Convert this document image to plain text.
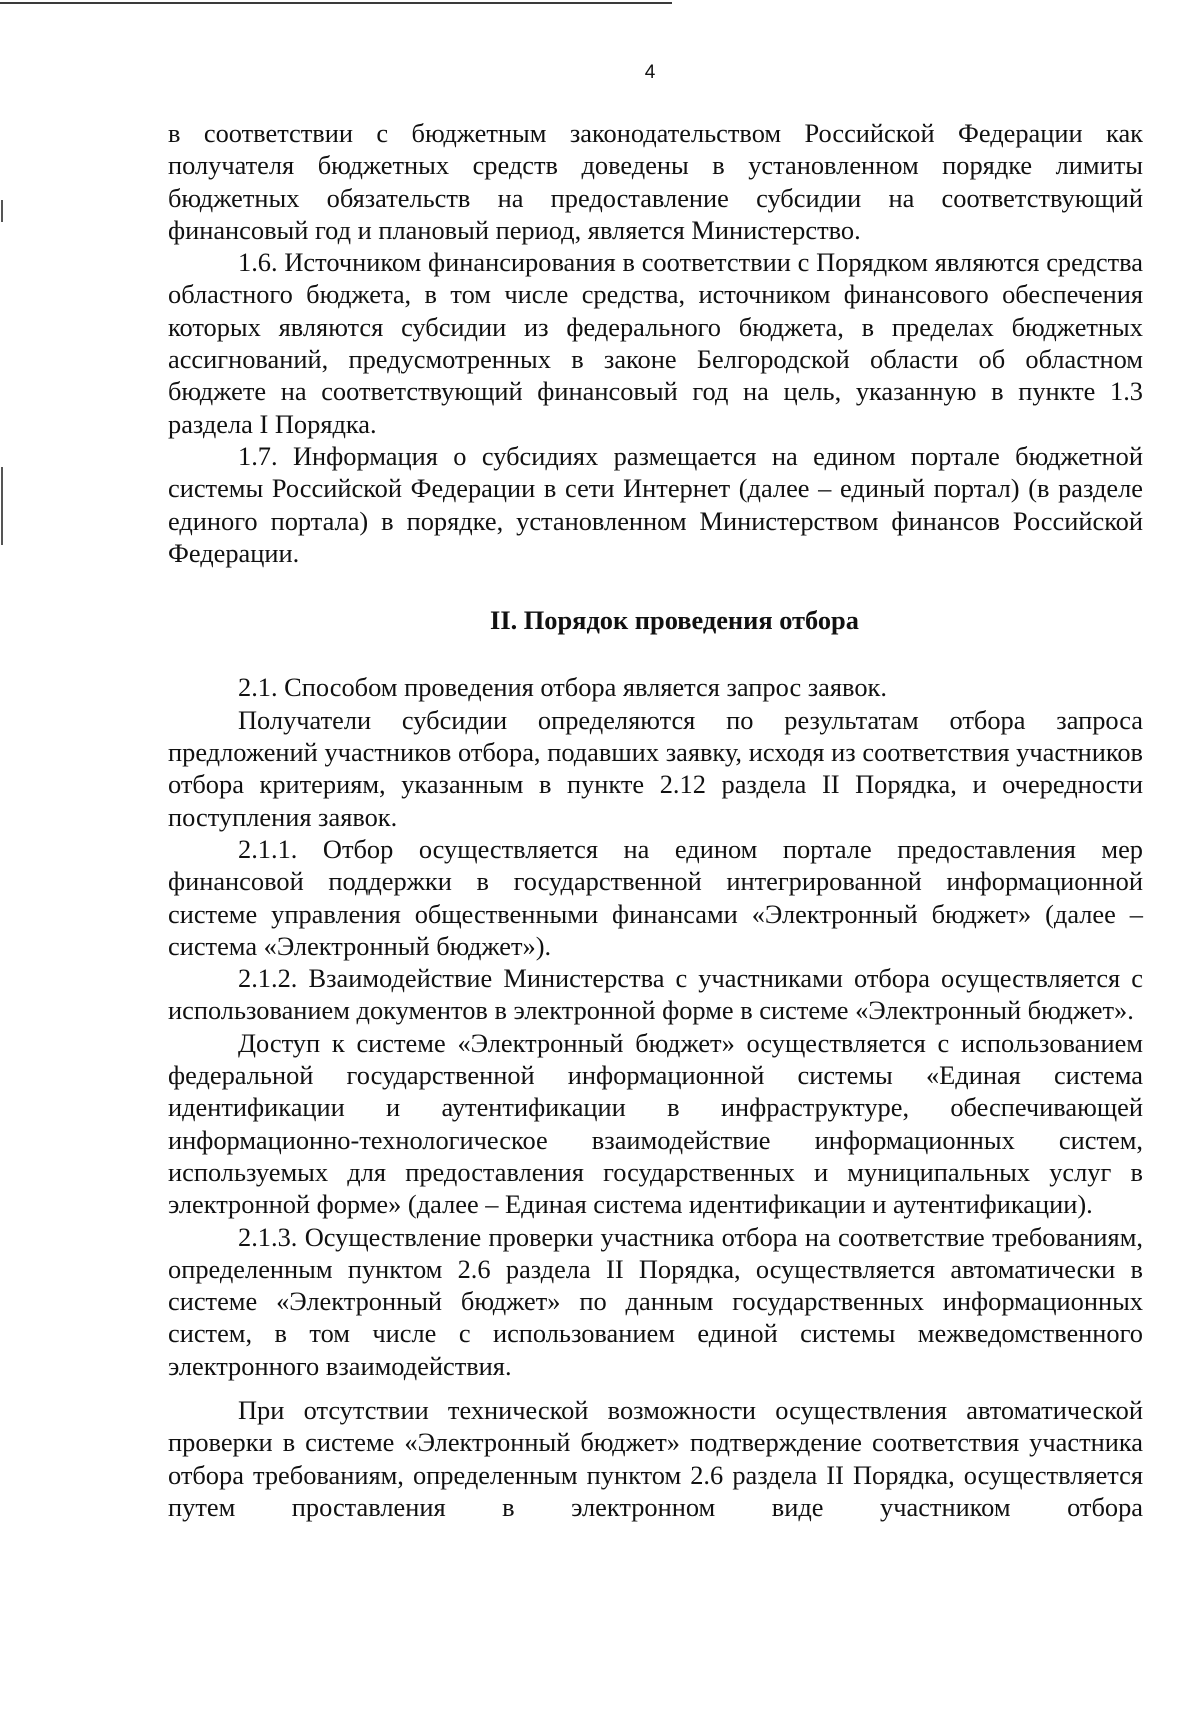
4

в соответствии с бюджетным законодательством Российской Федерации как получателя бюджетных средств доведены в установленном порядке лимиты бюджетных обязательств на предоставление субсидии на соответствующий финансовый год и плановый период, является Министерство.

1.6. Источником финансирования в соответствии с Порядком являются средства областного бюджета, в том числе средства, источником финансового обеспечения которых являются субсидии из федерального бюджета, в пределах бюджетных ассигнований, предусмотренных в законе Белгородской области об областном бюджете на соответствующий финансовый год на цель, указанную в пункте 1.3 раздела I Порядка.

1.7. Информация о субсидиях размещается на едином портале бюджетной системы Российской Федерации в сети Интернет (далее – единый портал) (в разделе единого портала) в порядке, установленном Министерством финансов Российской Федерации.

II. Порядок проведения отбора

2.1. Способом проведения отбора является запрос заявок.

Получатели субсидии определяются по результатам отбора запроса предложений участников отбора, подавших заявку, исходя из соответствия участников отбора критериям, указанным в пункте 2.12 раздела II Порядка, и очередности поступления заявок.

2.1.1. Отбор осуществляется на едином портале предоставления мер финансовой поддержки в государственной интегрированной информационной системе управления общественными финансами «Электронный бюджет» (далее – система «Электронный бюджет»).

2.1.2. Взаимодействие Министерства с участниками отбора осуществляется с использованием документов в электронной форме в системе «Электронный бюджет».

Доступ к системе «Электронный бюджет» осуществляется с использованием федеральной государственной информационной системы «Единая система идентификации и аутентификации в инфраструктуре, обеспечивающей информационно-технологическое взаимодействие информационных систем, используемых для предоставления государственных и муниципальных услуг в электронной форме» (далее – Единая система идентификации и аутентификации).

2.1.3. Осуществление проверки участника отбора на соответствие требованиям, определенным пунктом 2.6 раздела II Порядка, осуществляется автоматически в системе «Электронный бюджет» по данным государственных информационных систем, в том числе с использованием единой системы межведомственного электронного взаимодействия.

При отсутствии технической возможности осуществления автоматической проверки в системе «Электронный бюджет» подтверждение соответствия участника отбора требованиям, определенным пунктом 2.6 раздела II Порядка, осуществляется путем проставления в электронном виде участником отбора
